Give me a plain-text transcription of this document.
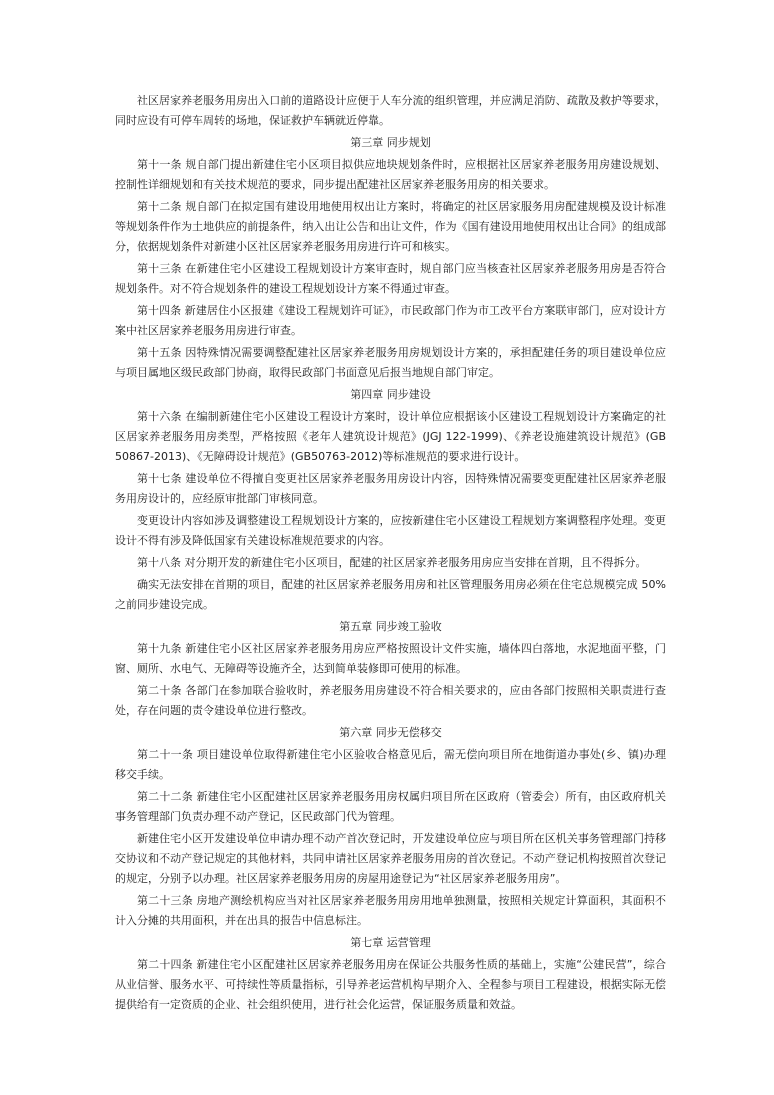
社区居家养老服务用房出入口前的道路设计应便于人车分流的组织管理，并应满足消防、疏散及救护等要求，同时应设有可停车周转的场地，保证救护车辆就近停靠。

第三章 同步规划

第十一条 规自部门提出新建住宅小区项目拟供应地块规划条件时，应根据社区居家养老服务用房建设规划、控制性详细规划和有关技术规范的要求，同步提出配建社区居家养老服务用房的相关要求。

第十二条 规自部门在拟定国有建设用地使用权出让方案时，将确定的社区居家服务用房配建规模及设计标准等规划条件作为土地供应的前提条件，纳入出让公告和出让文件，作为《国有建设用地使用权出让合同》的组成部分，依据规划条件对新建小区社区居家养老服务用房进行许可和核实。

第十三条 在新建住宅小区建设工程规划设计方案审查时，规自部门应当核查社区居家养老服务用房是否符合规划条件。对不符合规划条件的建设工程规划设计方案不得通过审查。

第十四条 新建居住小区报建《建设工程规划许可证》，市民政部门作为市工改平台方案联审部门，应对设计方案中社区居家养老服务用房进行审查。

第十五条 因特殊情况需要调整配建社区居家养老服务用房规划设计方案的，承担配建任务的项目建设单位应与项目属地区级民政部门协商，取得民政部门书面意见后报当地规自部门审定。

第四章 同步建设

第十六条 在编制新建住宅小区建设工程设计方案时，设计单位应根据该小区建设工程规划设计方案确定的社区居家养老服务用房类型，严格按照《老年人建筑设计规范》(JGJ 122-1999)、《养老设施建筑设计规范》(GB 50867-2013)、《无障碍设计规范》(GB50763-2012)等标准规范的要求进行设计。

第十七条 建设单位不得擅自变更社区居家养老服务用房设计内容，因特殊情况需要变更配建社区居家养老服务用房设计的，应经原审批部门审核同意。

变更设计内容如涉及调整建设工程规划设计方案的，应按新建住宅小区建设工程规划方案调整程序处理。变更设计不得有涉及降低国家有关建设标准规范要求的内容。

第十八条 对分期开发的新建住宅小区项目，配建的社区居家养老服务用房应当安排在首期，且不得拆分。

确实无法安排在首期的项目，配建的社区居家养老服务用房和社区管理服务用房必须在住宅总规模完成 50%之前同步建设完成。

第五章 同步竣工验收

第十九条 新建住宅小区社区居家养老服务用房应严格按照设计文件实施，墙体四白落地，水泥地面平整，门窗、厕所、水电气、无障碍等设施齐全，达到简单装修即可使用的标准。

第二十条 各部门在参加联合验收时，养老服务用房建设不符合相关要求的，应由各部门按照相关职责进行查处，存在问题的责令建设单位进行整改。

第六章 同步无偿移交

第二十一条 项目建设单位取得新建住宅小区验收合格意见后，需无偿向项目所在地街道办事处(乡、镇)办理移交手续。

第二十二条 新建住宅小区配建社区居家养老服务用房权属归项目所在区政府（管委会）所有，由区政府机关事务管理部门负责办理不动产登记，区民政部门代为管理。

新建住宅小区开发建设单位申请办理不动产首次登记时，开发建设单位应与项目所在区机关事务管理部门持移交协议和不动产登记规定的其他材料，共同申请社区居家养老服务用房的首次登记。不动产登记机构按照首次登记的规定，分别予以办理。社区居家养老服务用房的房屋用途登记为“社区居家养老服务用房”。

第二十三条 房地产测绘机构应当对社区居家养老服务用房用地单独测量，按照相关规定计算面积，其面积不计入分摊的共用面积，并在出具的报告中信息标注。

第七章 运营管理

第二十四条 新建住宅小区配建社区居家养老服务用房在保证公共服务性质的基础上，实施“公建民营”，综合从业信誉、服务水平、可持续性等质量指标，引导养老运营机构早期介入、全程参与项目工程建设，根据实际无偿提供给有一定资质的企业、社会组织使用，进行社会化运营，保证服务质量和效益。
